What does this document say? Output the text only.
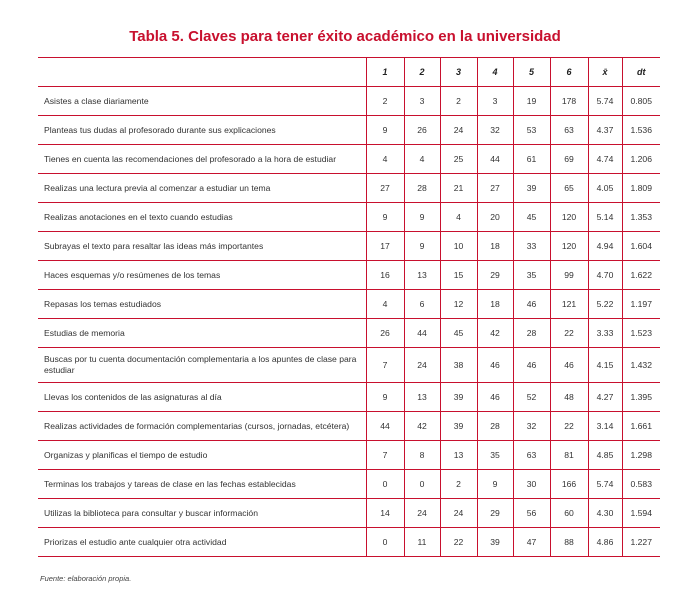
Tabla 5. Claves para tener éxito académico en la universidad
	1	2	3	4	5	6	x̄	dt
Asistes a clase diariamente	2	3	2	3	19	178	5.74	0.805
Planteas tus dudas al profesorado durante sus explicaciones	9	26	24	32	53	63	4.37	1.536
Tienes en cuenta las recomendaciones del profesorado a la hora de estudiar	4	4	25	44	61	69	4.74	1.206
Realizas una lectura previa al comenzar a estudiar un tema	27	28	21	27	39	65	4.05	1.809
Realizas anotaciones en el texto cuando estudias	9	9	4	20	45	120	5.14	1.353
Subrayas el texto para resaltar las ideas más importantes	17	9	10	18	33	120	4.94	1.604
Haces esquemas y/o resúmenes de los temas	16	13	15	29	35	99	4.70	1.622
Repasas los temas estudiados	4	6	12	18	46	121	5.22	1.197
Estudias de memoria	26	44	45	42	28	22	3.33	1.523
Buscas por tu cuenta documentación complementaria a los apuntes de clase para estudiar	7	24	38	46	46	46	4.15	1.432
Llevas los contenidos de las asignaturas al día	9	13	39	46	52	48	4.27	1.395
Realizas actividades de formación complementarias (cursos, jornadas, etcétera)	44	42	39	28	32	22	3.14	1.661
Organizas y planificas el tiempo de estudio	7	8	13	35	63	81	4.85	1.298
Terminas los trabajos y tareas de clase en las fechas establecidas	0	0	2	9	30	166	5.74	0.583
Utilizas la biblioteca para consultar y buscar información	14	24	24	29	56	60	4.30	1.594
Priorizas el estudio ante cualquier otra actividad	0	11	22	39	47	88	4.86	1.227
Fuente: elaboración propia.
